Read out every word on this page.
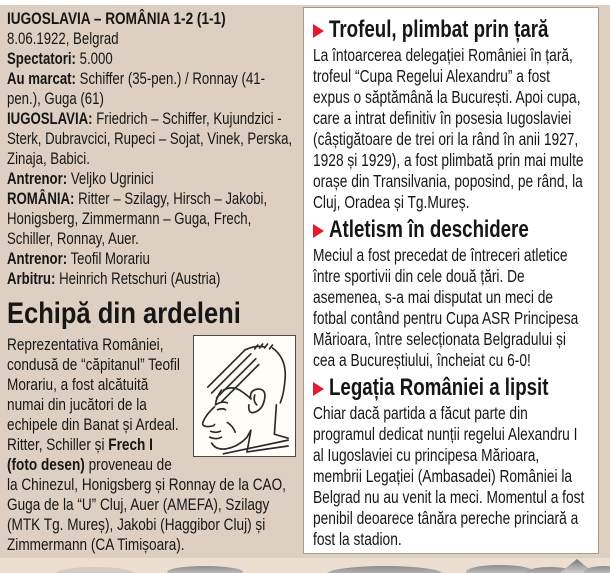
IUGOSLAVIA – ROMÂNIA 1-2 (1-1)
8.06.1922, Belgrad
Spectatori: 5.000
Au marcat: Schiffer (35-pen.) / Ronnay (41-pen.), Guga (61)
IUGOSLAVIA: Friedrich – Schiffer, Kujundzici - Sterk, Dubravcici, Rupeci – Sojat, Vinek, Perska, Zinaja, Babici.
Antrenor: Veljko Ugrinici
ROMÂNIA: Ritter – Szilagy, Hirsch – Jakobi, Honigsberg, Zimmermann – Guga, Frech, Schiller, Ronnay, Auer.
Antrenor: Teofil Morariu
Arbitru: Heinrich Retschuri (Austria)
Echipă din ardeleni
Reprezentativa României, condusă de “căpitanul” Teofil Morariu, a fost alcătuită numai din jucători de la echipele din Banat și Ardeal. Ritter, Schiller și Frech I (foto desen) proveneau de la Chinezul, Honigsberg și Ronnay de la CAO, Guga de la “U” Cluj, Auer (AMEFA), Szilagy (MTK Tg. Mureș), Jakobi (Haggibor Cluj) și Zimmermann (CA Timișoara).
Trofeul, plimbat prin țară
La întoarcerea delegației României în țară, trofeul “Cupa Regelui Alexandru” a fost expus o săptămână la București. Apoi cupa, care a intrat definitiv în posesia Iugoslaviei (câștigătoare de trei ori la rând în anii 1927, 1928 și 1929), a fost plimbată prin mai multe orașe din Transilvania, poposind, pe rând, la Cluj, Oradea și Tg.Mureș.
Atletism în deschidere
Meciul a fost precedat de întreceri atletice între sportivii din cele două țări. De asemenea, s-a mai disputat un meci de fotbal contând pentru Cupa ASR Principesa Mărioara, între selecționata Belgradului și cea a Bucureștiului, încheiat cu 6-0!
Legația României a lipsit
Chiar dacă partida a făcut parte din programul dedicat nunții regelui Alexandru I al Iugoslaviei cu principesa Mărioara, membrii Legației (Ambasadei) României la Belgrad nu au venit la meci. Momentul a fost penibil deoarece tânăra pereche princiară a fost la stadion.
